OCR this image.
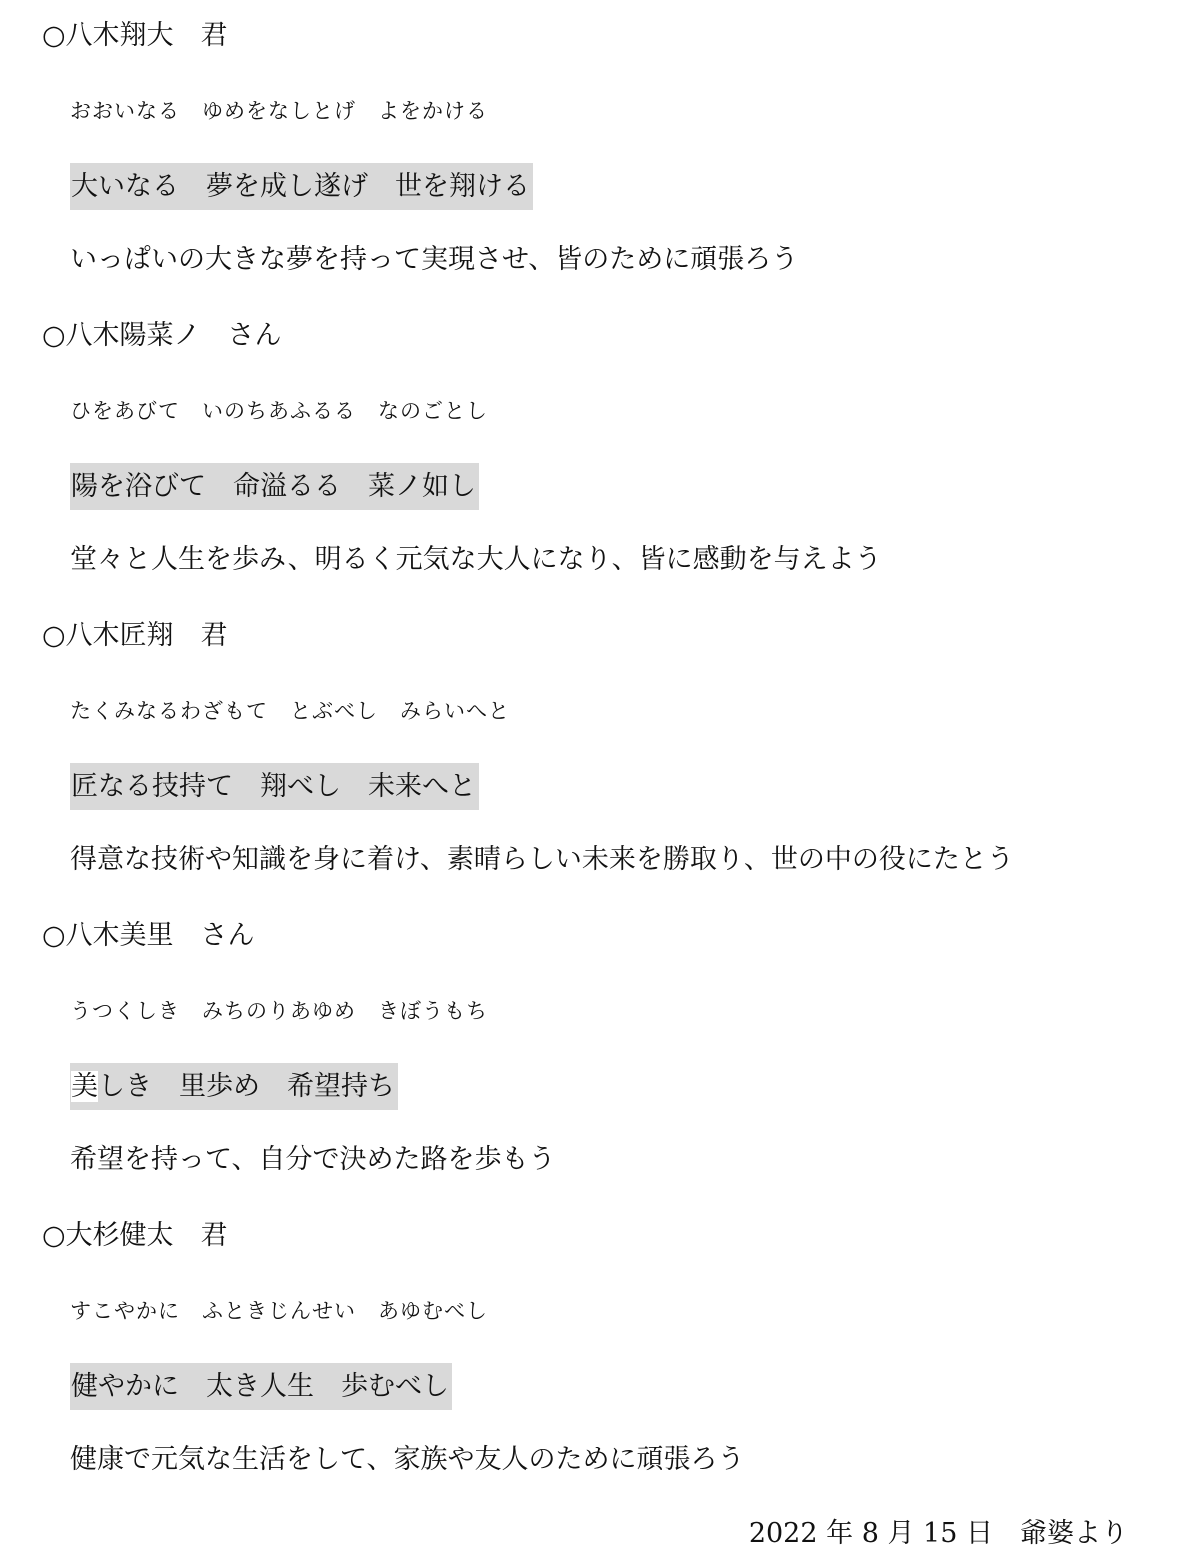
○八木翔大　君
おおいなる　ゆめをなしとげ　よをかける
大いなる　夢を成し遂げ　世を翔ける
いっぱいの大きな夢を持って実現させ、皆のために頑張ろう
○八木陽菜ノ　さん
ひをあびて　いのちあふるる　なのごとし
陽を浴びて　命溢るる　菜ノ如し
堂々と人生を歩み、明るく元気な大人になり、皆に感動を与えよう
○八木匠翔　君
たくみなるわざもて　とぶべし　みらいへと
匠なる技持て　翔べし　未来へと
得意な技術や知識を身に着け、素晴らしい未来を勝取り、世の中の役にたとう
○八木美里　さん
うつくしき　みちのりあゆめ　きぼうもち
美しき　里歩め　希望持ち
希望を持って、自分で決めた路を歩もう
○大杉健太　君
すこやかに　ふときじんせい　あゆむべし
健やかに　太き人生　歩むべし
健康で元気な生活をして、家族や友人のために頑張ろう
2022 年 8 月 15 日　爺婆より
